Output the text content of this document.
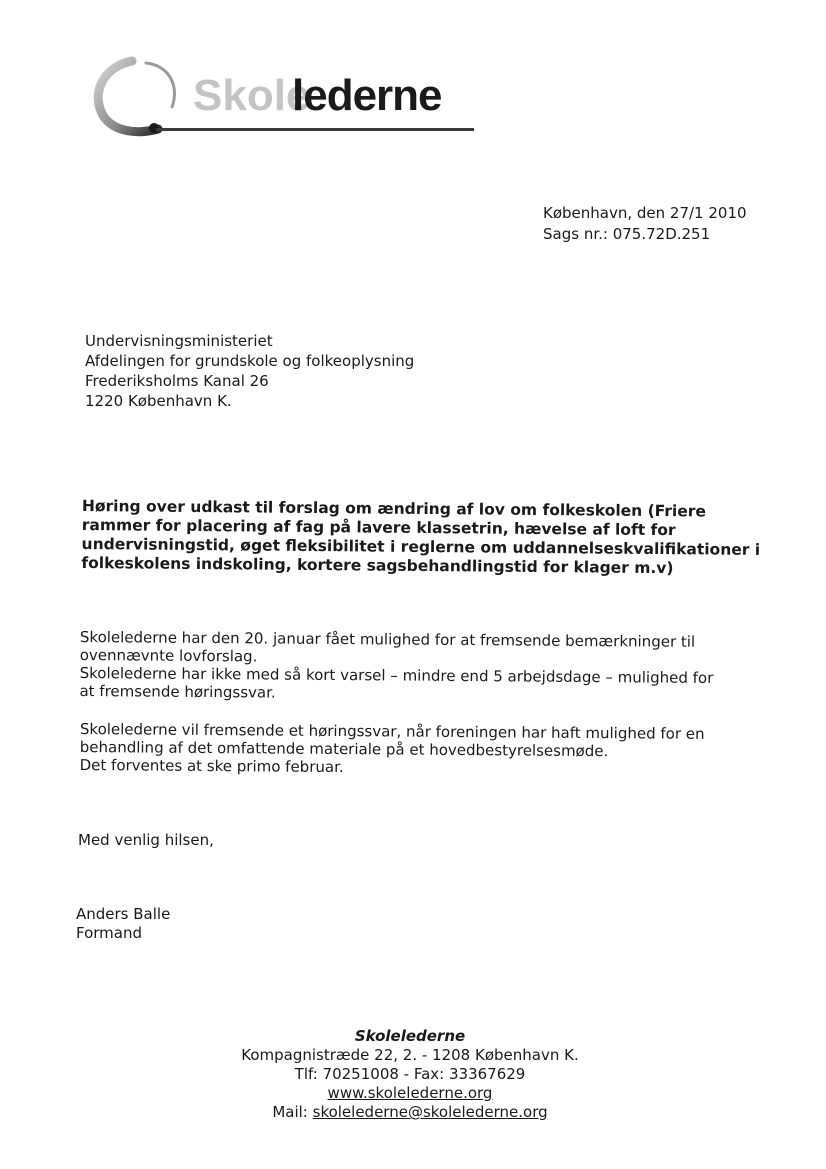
Skole
lederne
København, den 27/1 2010
Sags nr.: 075.72D.251
Undervisningsministeriet
Afdelingen for grundskole og folkeoplysning
Frederiksholms Kanal 26
1220 København K.
Høring over udkast til forslag om ændring af lov om folkeskolen (Friere
rammer for placering af fag på lavere klassetrin, hævelse af loft for
undervisningstid, øget fleksibilitet i reglerne om uddannelseskvalifikationer i
folkeskolens indskoling, kortere sagsbehandlingstid for klager m.v)
Skolelederne har den 20. januar fået mulighed for at fremsende bemærkninger til
ovennævnte lovforslag.
Skolelederne har ikke med så kort varsel – mindre end 5 arbejdsdage – mulighed for
at fremsende høringssvar.
Skolelederne vil fremsende et høringssvar, når foreningen har haft mulighed for en
behandling af det omfattende materiale på et hovedbestyrelsesmøde.
Det forventes at ske primo februar.
Med venlig hilsen,
Anders Balle
Formand
Skolelederne
Kompagnistræde 22, 2. - 1208 København K.
Tlf: 70251008 - Fax: 33367629
www.skolelederne.org
Mail: skolelederne@skolelederne.org
